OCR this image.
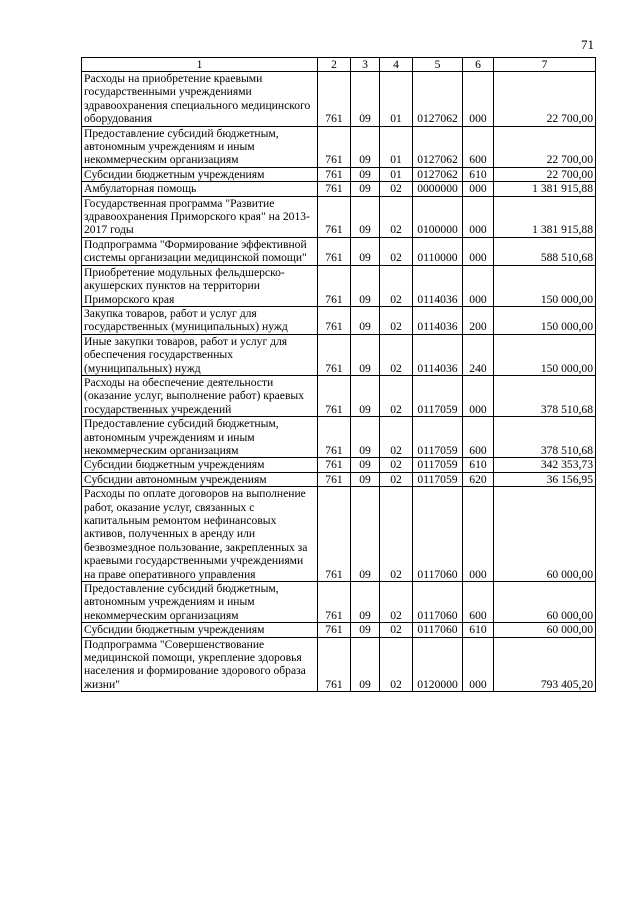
71
1	2	3	4	5	6	7
Расходы на приобретение краевыми государственными учреждениями здравоохранения специального медицинского оборудования	761	09	01	0127062	000	22 700,00
Предоставление субсидий бюджетным, автономным учреждениям и иным некоммерческим организациям	761	09	01	0127062	600	22 700,00
Субсидии бюджетным учреждениям	761	09	01	0127062	610	22 700,00
Амбулаторная помощь	761	09	02	0000000	000	1 381 915,88
Государственная программа "Развитие здравоохранения Приморского края" на 2013-2017 годы	761	09	02	0100000	000	1 381 915,88
Подпрограмма "Формирование эффективной системы организации медицинской помощи"	761	09	02	0110000	000	588 510,68
Приобретение модульных фельдшерско-акушерских пунктов на территории Приморского края	761	09	02	0114036	000	150 000,00
Закупка товаров, работ и услуг для государственных (муниципальных) нужд	761	09	02	0114036	200	150 000,00
Иные закупки товаров, работ и услуг для обеспечения государственных (муниципальных) нужд	761	09	02	0114036	240	150 000,00
Расходы на обеспечение деятельности (оказание услуг, выполнение работ) краевых государственных учреждений	761	09	02	0117059	000	378 510,68
Предоставление субсидий бюджетным, автономным учреждениям и иным некоммерческим организациям	761	09	02	0117059	600	378 510,68
Субсидии бюджетным учреждениям	761	09	02	0117059	610	342 353,73
Субсидии автономным учреждениям	761	09	02	0117059	620	36 156,95
Расходы по оплате договоров на выполнение работ, оказание услуг, связанных с капитальным ремонтом нефинансовых активов, полученных в аренду или безвозмездное пользование, закрепленных за краевыми государственными учреждениями на праве оперативного управления	761	09	02	0117060	000	60 000,00
Предоставление субсидий бюджетным, автономным учреждениям и иным некоммерческим организациям	761	09	02	0117060	600	60 000,00
Субсидии бюджетным учреждениям	761	09	02	0117060	610	60 000,00
Подпрограмма "Совершенствование медицинской помощи, укрепление здоровья населения и формирование здорового образа жизни"	761	09	02	0120000	000	793 405,20
